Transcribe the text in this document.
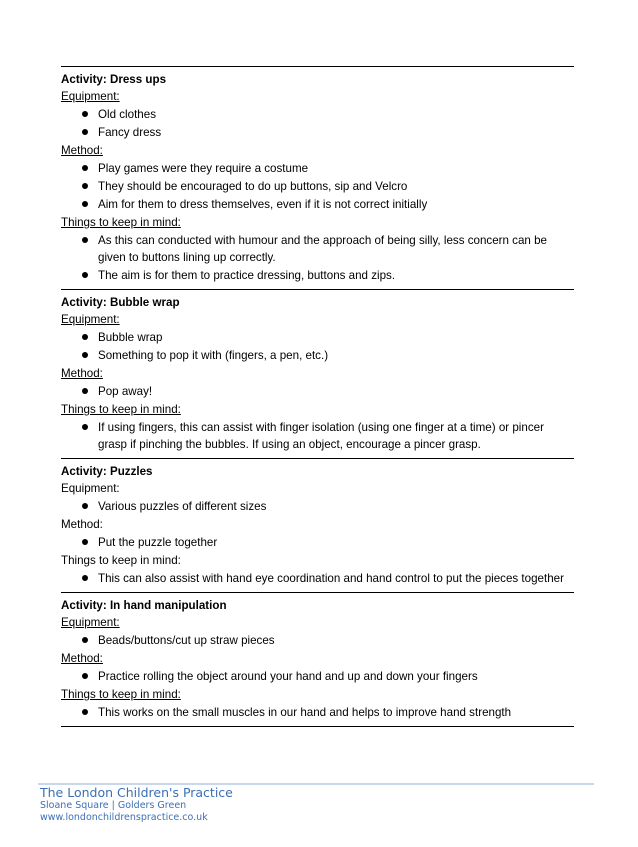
Activity: Dress ups
Equipment:
Old clothes
Fancy dress
Method:
Play games were they require a costume
They should be encouraged to do up buttons, sip and Velcro
Aim for them to dress themselves, even if it is not correct initially
Things to keep in mind:
As this can conducted with humour and the approach of being silly, less concern can be given to buttons lining up correctly.
The aim is for them to practice dressing, buttons and zips.
Activity: Bubble wrap
Equipment:
Bubble wrap
Something to pop it with (fingers, a pen, etc.)
Method:
Pop away!
Things to keep in mind:
If using fingers, this can assist with finger isolation (using one finger at a time) or pincer grasp if pinching the bubbles. If using an object, encourage a pincer grasp.
Activity: Puzzles
Equipment:
Various puzzles of different sizes
Method:
Put the puzzle together
Things to keep in mind:
This can also assist with hand eye coordination and hand control to put the pieces together
Activity: In hand manipulation
Equipment:
Beads/buttons/cut up straw pieces
Method:
Practice rolling the object around your hand and up and down your fingers
Things to keep in mind:
This works on the small muscles in our hand and helps to improve hand strength
The London Children's Practice
Sloane Square | Golders Green
www.londonchildrenspractice.co.uk
